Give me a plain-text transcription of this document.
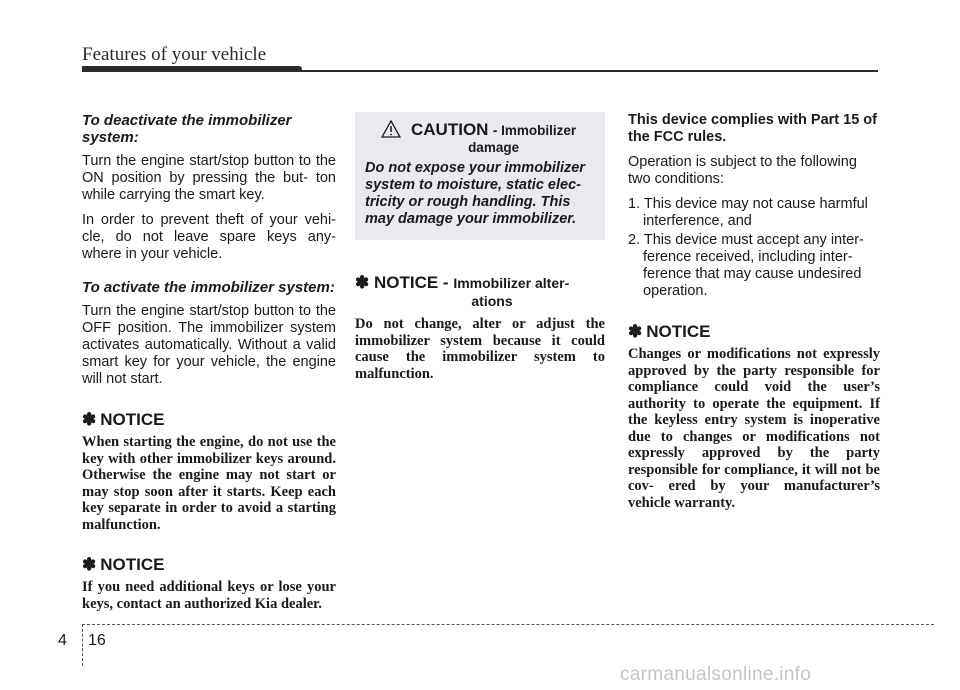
Features of your vehicle

To deactivate the immobilizer system:

Turn the engine start/stop button to the ON position by pressing the but- ton while carrying the smart key.

In order to prevent theft of your vehi- cle, do not leave spare keys any- where in your vehicle.

To activate the immobilizer system:

Turn the engine start/stop button to the OFF position. The immobilizer system activates automatically. Without a valid smart key for your vehicle, the engine will not start.

✽ NOTICE

When starting the engine, do not use the key with other immobilizer keys around. Otherwise the engine may not start or may stop soon after it starts. Keep each key separate in order to avoid a starting malfunction.

✽ NOTICE

If you need additional keys or lose your keys, contact an authorized Kia dealer.

CAUTION - Immobilizer
damage
Do not expose your immobilizer system to moisture, static elec- tricity or rough handling. This may damage your immobilizer.
✽ NOTICE - Immobilizer alter-
ations

Do not change, alter or adjust the immobilizer system because it could cause the immobilizer system to malfunction.

This device complies with Part 15 of the FCC rules.

Operation is subject to the following two conditions:

1. This device may not cause harmful interference, and
2. This device must accept any inter- ference received, including inter- ference that may cause undesired operation.
✽ NOTICE

Changes or modifications not expressly approved by the party responsible for compliance could void the user’s authority to operate the equipment. If the keyless entry system is inoperative due to changes or modifications not expressly approved by the party responsible for compliance, it will not be cov- ered by your manufacturer’s vehicle warranty.

4 16
carmanualsonline.info
